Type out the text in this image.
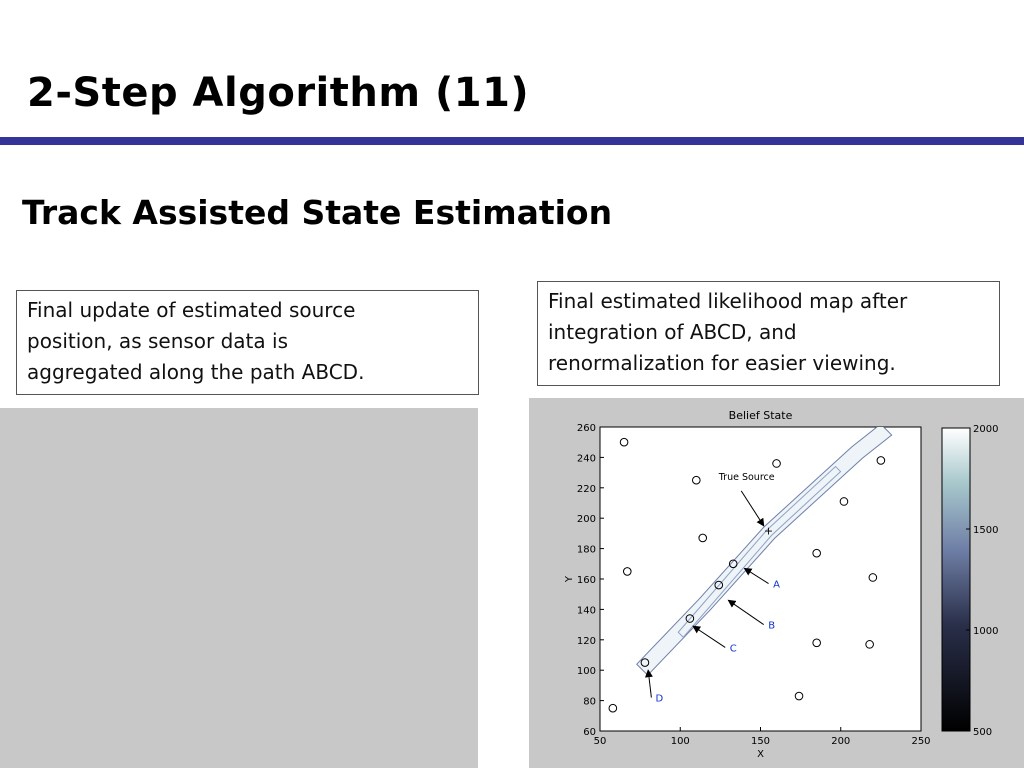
2-Step Algorithm (11)
Track Assisted State Estimation

Final update of estimated source

position, as sensor data is

aggregated along the path ABCD.

Final estimated likelihood map after

integration of ABCD, and

renormalization for easier viewing.

Belief State
50	100	150	200	250
60
80
100
120
140
160
180
200
220
240
260
X
Y
+
True Source
A
B
C
D
500
1000
1500
2000
